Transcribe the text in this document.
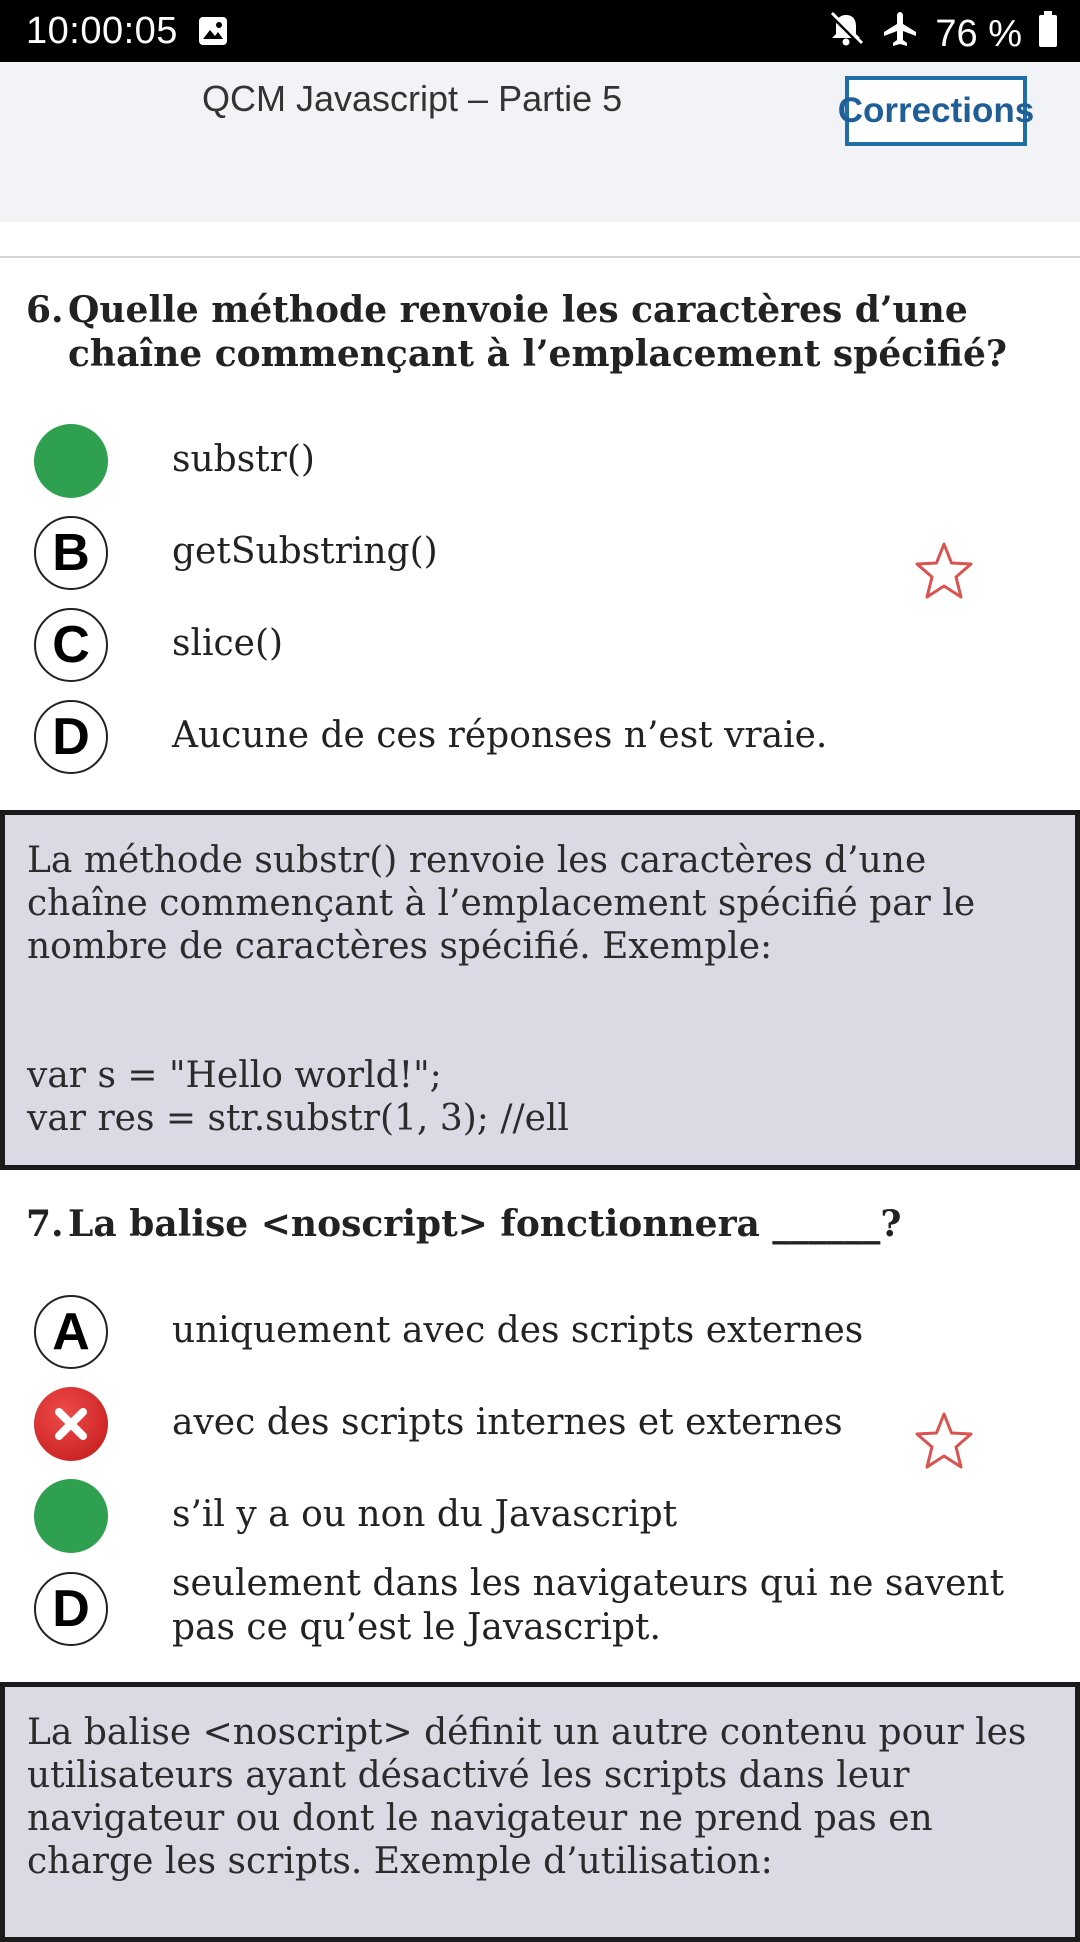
10:00:05	76 %
QCM Javascript – Partie 5	Corrections
6. Quelle méthode renvoie les caractères d’une chaîne commençant à l’emplacement spécifié?
substr()
B	getSubstring()
C	slice()
D	Aucune de ces réponses n’est vraie.

La méthode substr() renvoie les caractères d’une chaîne commençant à l’emplacement spécifié par le nombre de caractères spécifié. Exemple:

var s = "Hello world!";

var res = str.substr(1, 3); //ell

7. La balise <noscript> fonctionnera ______?
A	uniquement avec des scripts externes
avec des scripts internes et externes
s’il y a ou non du Javascript
D	seulement dans les navigateurs qui ne savent pas ce qu’est le Javascript.

La balise <noscript> définit un autre contenu pour les utilisateurs ayant désactivé les scripts dans leur navigateur ou dont le navigateur ne prend pas en charge les scripts. Exemple d’utilisation:
